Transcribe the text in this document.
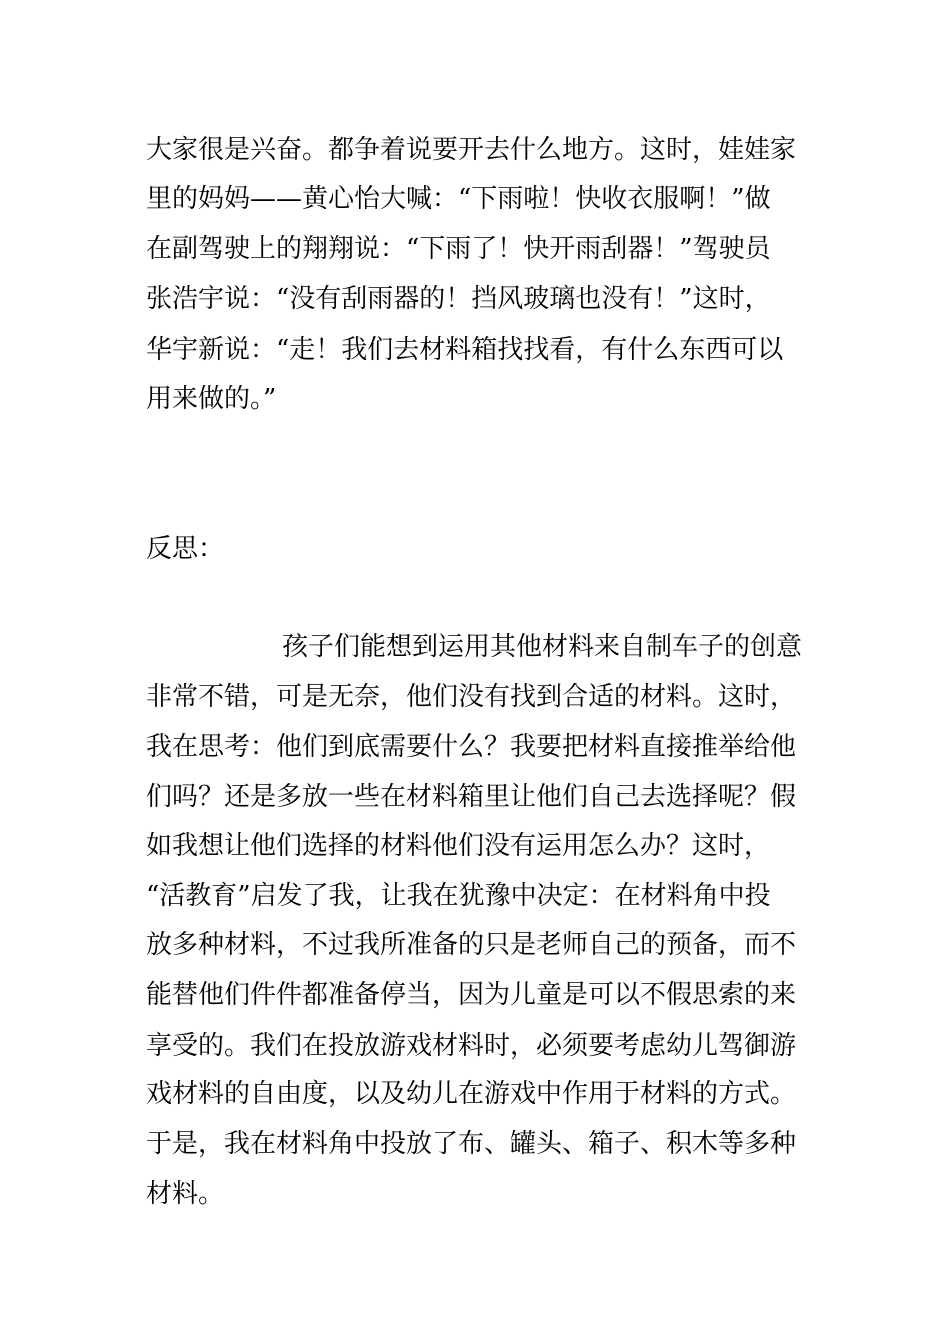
大家很是兴奋。都争着说要开去什么地方。这时，娃娃家
里的妈妈——黄心怡大喊：“下雨啦！快收衣服啊！”做
在副驾驶上的翔翔说：“下雨了！快开雨刮器！”驾驶员
张浩宇说：“没有刮雨器的！挡风玻璃也没有！”这时，
华宇新说：“走！我们去材料箱找找看，有什么东西可以
用来做的。”
反思：
孩子们能想到运用其他材料来自制车子的创意
非常不错，可是无奈，他们没有找到合适的材料。这时，
我在思考：他们到底需要什么？我要把材料直接推举给他
们吗？还是多放一些在材料箱里让他们自己去选择呢？假
如我想让他们选择的材料他们没有运用怎么办？这时，
“活教育”启发了我，让我在犹豫中决定：在材料角中投
放多种材料，不过我所准备的只是老师自己的预备，而不
能替他们件件都准备停当，因为儿童是可以不假思索的来
享受的。我们在投放游戏材料时，必须要考虑幼儿驾御游
戏材料的自由度，以及幼儿在游戏中作用于材料的方式。
于是，我在材料角中投放了布、罐头、箱子、积木等多种
材料。
